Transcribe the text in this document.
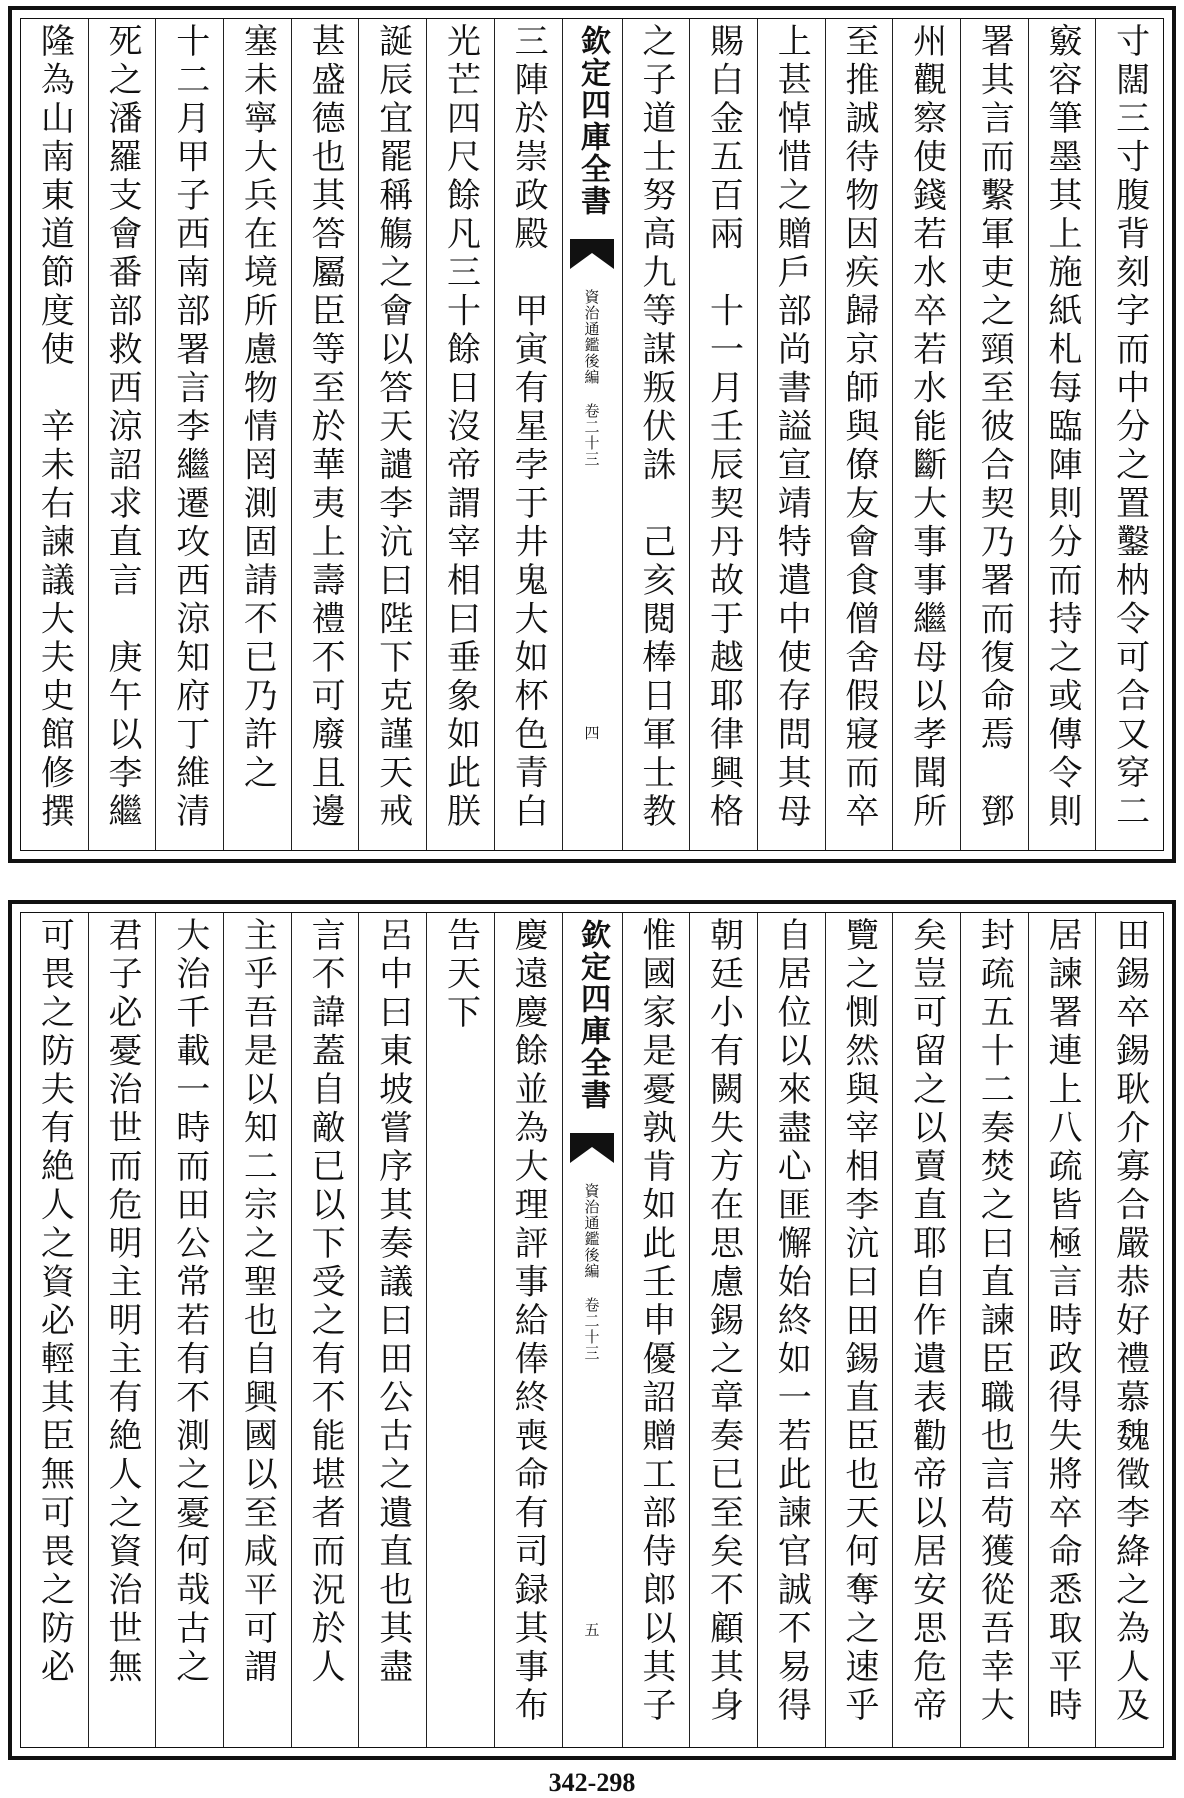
寸闊三寸腹背刻字而中分之置鑿枘令可合又穿二
竅容筆墨其上施紙札每臨陣則分而持之或傳令則
署其言而繫軍吏之頸至彼合契乃署而復命焉　鄧
州觀察使錢若水卒若水能斷大事事繼母以孝聞所
至推誠待物因疾歸京師與僚友會食僧舍假寢而卒
上甚悼惜之贈戶部尚書謚宣靖特遣中使存問其母
賜白金五百兩　十一月壬辰契丹故于越耶律興格
之子道士努高九等謀叛伏誅　己亥閱棒日軍士教
欽定四庫全書
資治通鑑後編
卷二十三
四
三陣於崇政殿　甲寅有星孛于井鬼大如杯色青白
光芒四尺餘凡三十餘日沒帝謂宰相曰垂象如此朕
誕辰宜罷稱觴之會以答天譴李沆曰陛下克謹天戒
甚盛德也其答屬臣等至於華夷上壽禮不可廢且邊
塞未寧大兵在境所慮物情罔測固請不已乃許之
十二月甲子西南部署言李繼遷攻西涼知府丁維清
死之潘羅支會番部救西涼詔求直言　庚午以李繼
隆為山南東道節度使　辛未右諫議大夫史館修撰
田錫卒錫耿介寡合嚴恭好禮慕魏徵李絳之為人及
居諫署連上八疏皆極言時政得失將卒命悉取平時
封疏五十二奏焚之曰直諫臣職也言苟獲從吾幸大
矣豈可留之以賣直耶自作遺表勸帝以居安思危帝
覽之惻然與宰相李沆曰田錫直臣也天何奪之速乎
自居位以來盡心匪懈始終如一若此諫官誠不易得
朝廷小有闕失方在思慮錫之章奏已至矣不顧其身
惟國家是憂孰肯如此壬申優詔贈工部侍郎以其子
欽定四庫全書
資治通鑑後編
卷二十三
五
慶遠慶餘並為大理評事給俸終喪命有司録其事布
告天下
呂中曰東坡嘗序其奏議曰田公古之遺直也其盡
言不諱蓋自敵已以下受之有不能堪者而況於人
主乎吾是以知二宗之聖也自興國以至咸平可謂
大治千載一時而田公常若有不測之憂何哉古之
君子必憂治世而危明主明主有絶人之資治世無
可畏之防夫有絶人之資必輕其臣無可畏之防必
342-298
